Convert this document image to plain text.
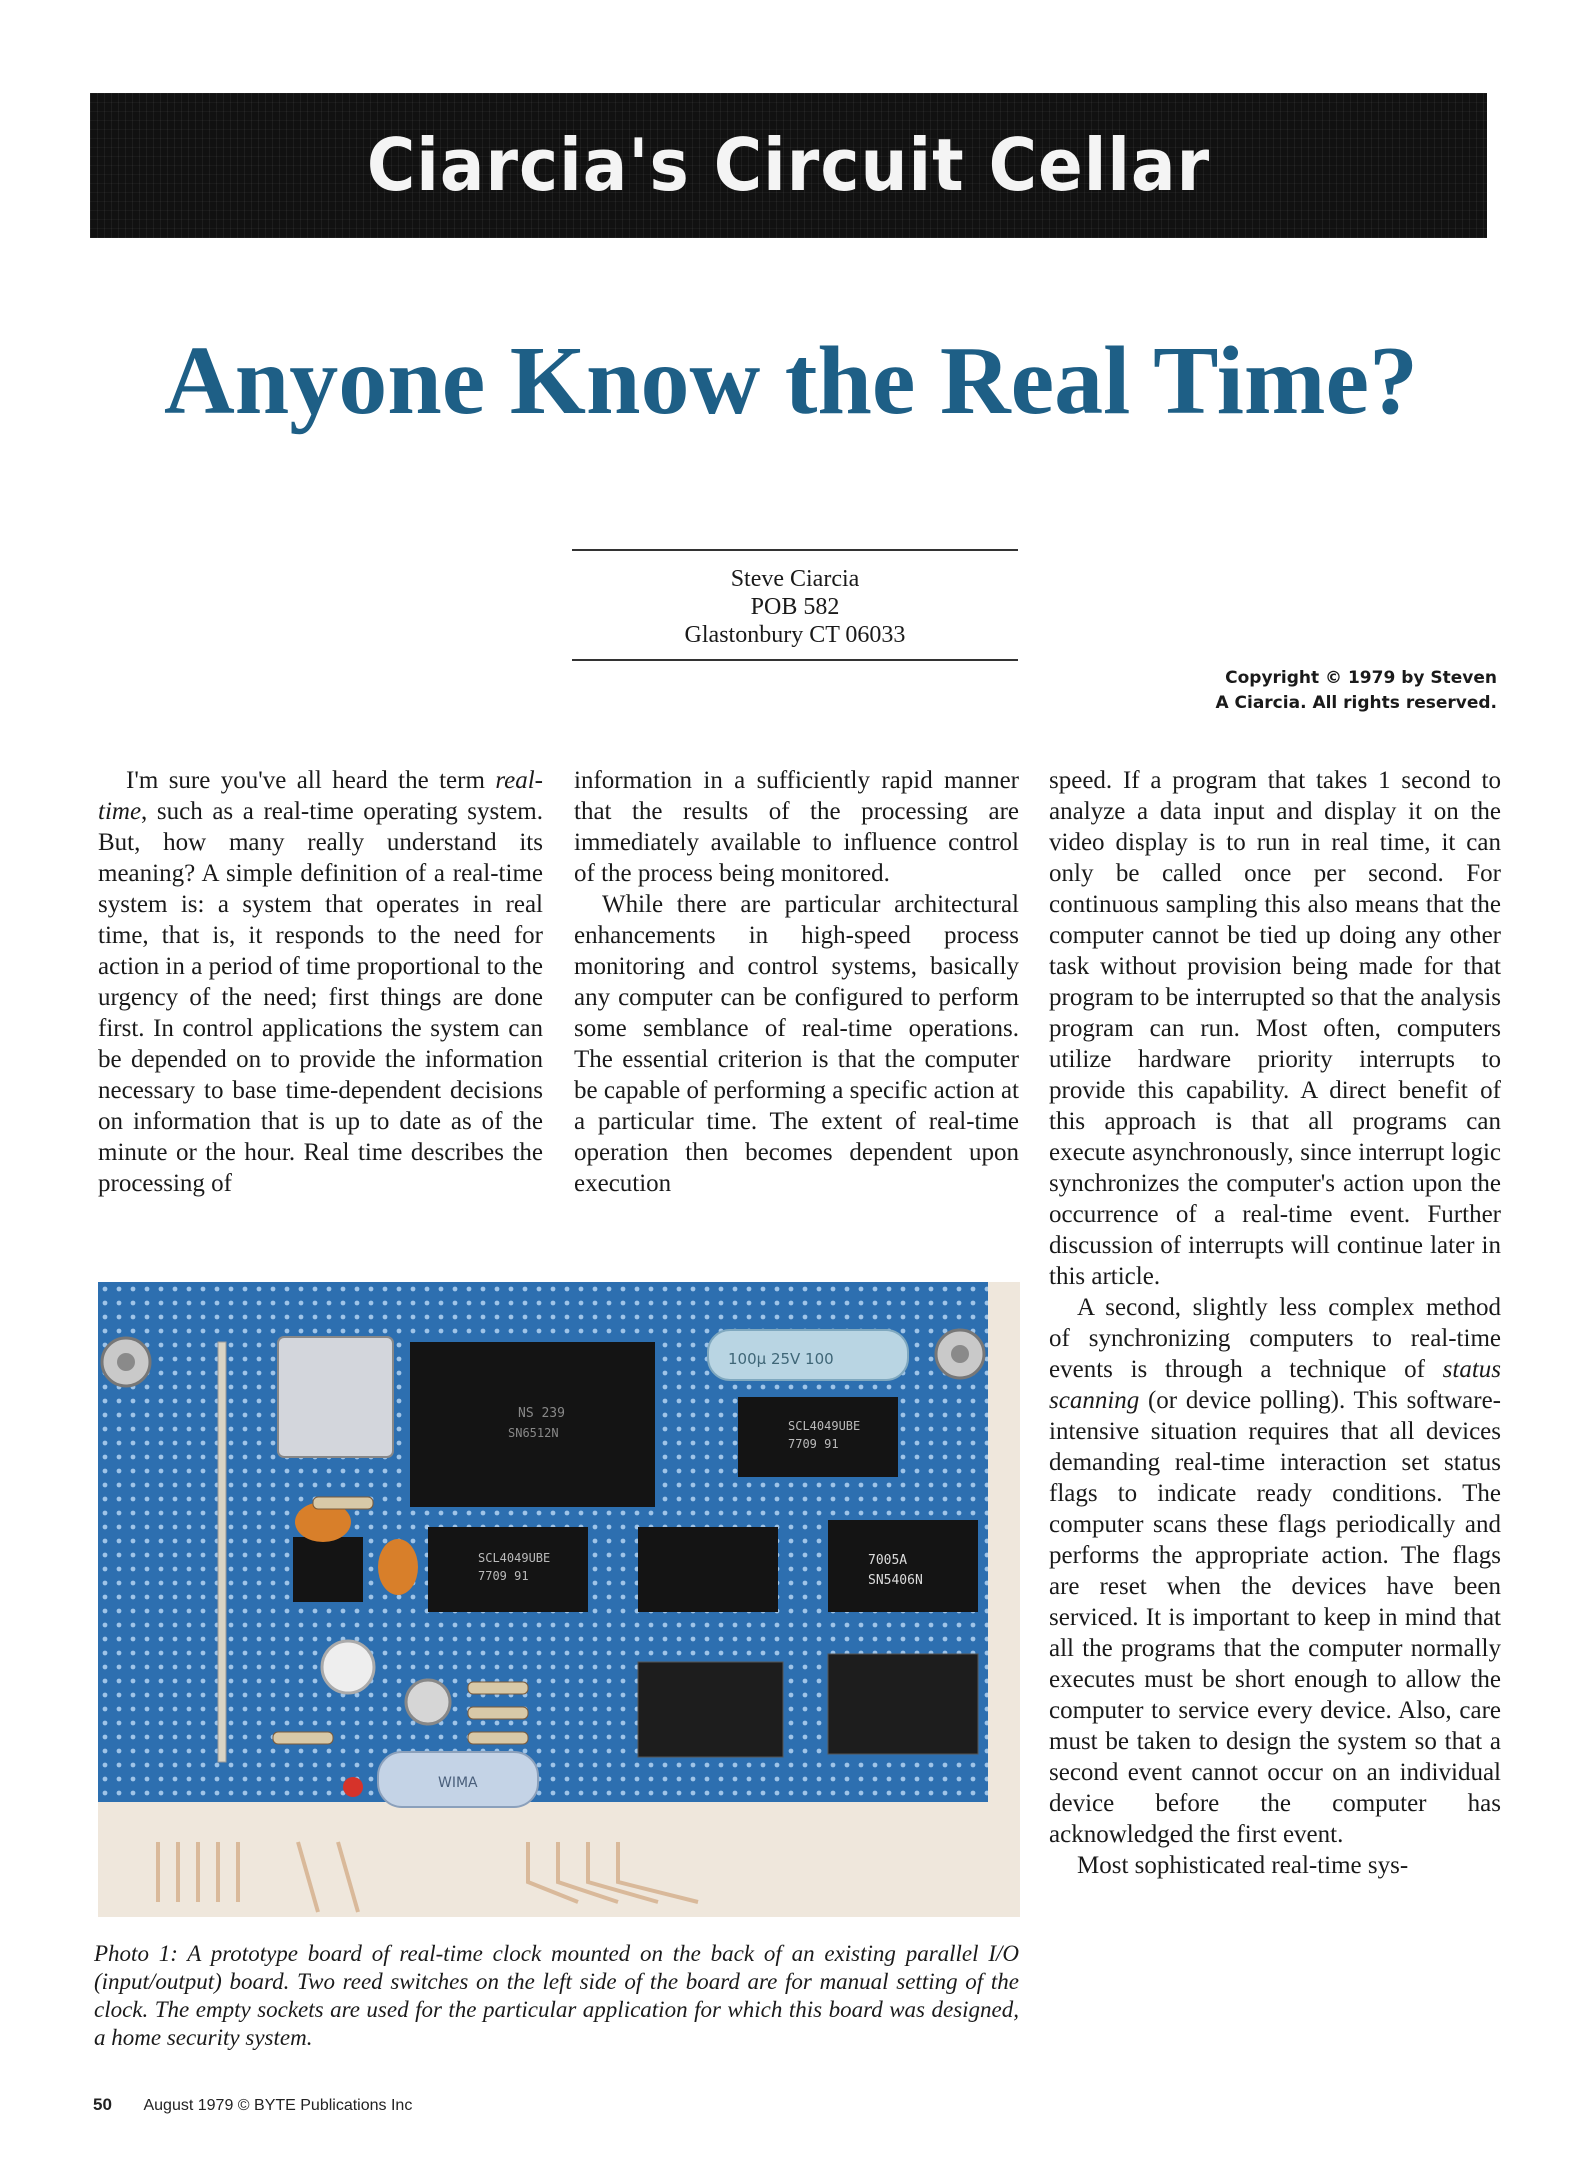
Ciarcia's Circuit Cellar
Anyone Know the Real Time?
Steve Ciarcia
POB 582
Glastonbury CT 06033
Copyright © 1979 by Steven
A Ciarcia. All rights reserved.

I'm sure you've all heard the term real-time, such as a real-time operating system. But, how many really understand its meaning? A simple definition of a real-time system is: a system that operates in real time, that is, it responds to the need for action in a period of time proportional to the urgency of the need; first things are done first. In control applications the system can be depended on to provide the information necessary to base time-dependent decisions on information that is up to date as of the minute or the hour. Real time describes the processing of

information in a sufficiently rapid manner that the results of the processing are immediately available to influence control of the process being monitored.

While there are particular architectural enhancements in high-speed process monitoring and control systems, basically any computer can be configured to perform some semblance of real-time operations. The essential criterion is that the computer be capable of performing a specific action at a particular time. The extent of real-time operation then becomes dependent upon execution

speed. If a program that takes 1 second to analyze a data input and display it on the video display is to run in real time, it can only be called once per second. For continuous sampling this also means that the computer cannot be tied up doing any other task without provision being made for that program to be interrupted so that the analysis program can run. Most often, computers utilize hardware priority interrupts to provide this capability. A direct benefit of this approach is that all programs can execute asynchronously, since interrupt logic synchronizes the computer's action upon the occurrence of a real-time event. Further discussion of interrupts will continue later in this article.

A second, slightly less complex method of synchronizing computers to real-time events is through a technique of status scanning (or device polling). This software-intensive situation requires that all devices demanding real-time interaction set status flags to indicate ready conditions. The computer scans these flags periodically and performs the appropriate action. The flags are reset when the devices have been serviced. It is important to keep in mind that all the programs that the computer normally executes must be short enough to allow the computer to service every device. Also, care must be taken to design the system so that a second event cannot occur on an individual device before the computer has acknowledged the first event.

Most sophisticated real-time sys-

NS 239
SN6512N
100μ 25V 100
SCL4049UBE
7709 91
SCL4049UBE
7709 91
7005A
SN5406N
WIMA
Photo 1: A prototype board of real-time clock mounted on the back of an existing parallel I/O (input/output) board. Two reed switches on the left side of the board are for manual setting of the clock. The empty sockets are used for the particular application for which this board was designed, a home security system.
50 August 1979 © BYTE Publications Inc
